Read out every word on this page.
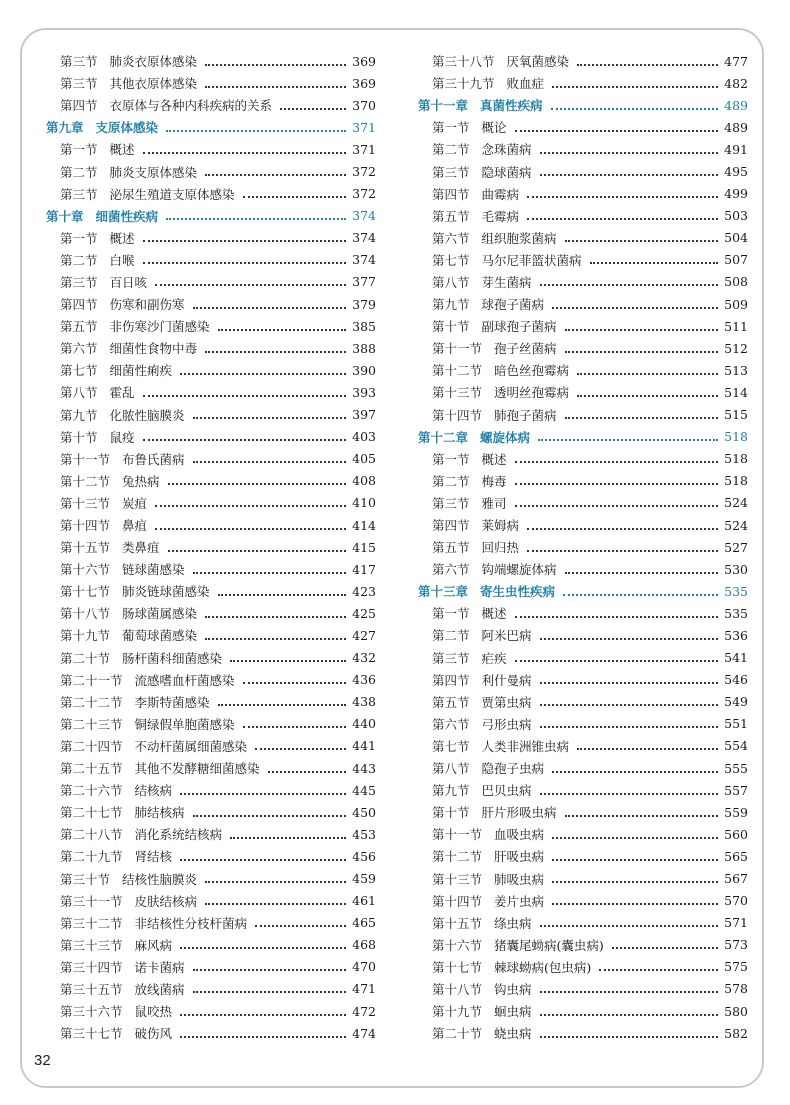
第三节 肺炎衣原体感染	369
第三节 其他衣原体感染	369
第四节 衣原体与各种内科疾病的关系	370
第九章 支原体感染	371
第一节 概述	371
第二节 肺炎支原体感染	372
第三节 泌尿生殖道支原体感染	372
第十章 细菌性疾病	374
第一节 概述	374
第二节 白喉	374
第三节 百日咳	377
第四节 伤寒和副伤寒	379
第五节 非伤寒沙门菌感染	385
第六节 细菌性食物中毒	388
第七节 细菌性痢疾	390
第八节 霍乱	393
第九节 化脓性脑膜炎	397
第十节 鼠疫	403
第十一节 布鲁氏菌病	405
第十二节 兔热病	408
第十三节 炭疽	410
第十四节 鼻疽	414
第十五节 类鼻疽	415
第十六节 链球菌感染	417
第十七节 肺炎链球菌感染	423
第十八节 肠球菌属感染	425
第十九节 葡萄球菌感染	427
第二十节 肠杆菌科细菌感染	432
第二十一节 流感嗜血杆菌感染	436
第二十二节 李斯特菌感染	438
第二十三节 铜绿假单胞菌感染	440
第二十四节 不动杆菌属细菌感染	441
第二十五节 其他不发酵糖细菌感染	443
第二十六节 结核病	445
第二十七节 肺结核病	450
第二十八节 消化系统结核病	453
第二十九节 肾结核	456
第三十节 结核性脑膜炎	459
第三十一节 皮肤结核病	461
第三十二节 非结核性分枝杆菌病	465
第三十三节 麻风病	468
第三十四节 诺卡菌病	470
第三十五节 放线菌病	471
第三十六节 鼠咬热	472
第三十七节 破伤风	474
第三十八节 厌氧菌感染	477
第三十九节 败血症	482
第十一章 真菌性疾病	489
第一节 概论	489
第二节 念珠菌病	491
第三节 隐球菌病	495
第四节 曲霉病	499
第五节 毛霉病	503
第六节 组织胞浆菌病	504
第七节 马尔尼菲篮状菌病	507
第八节 芽生菌病	508
第九节 球孢子菌病	509
第十节 副球孢子菌病	511
第十一节 孢子丝菌病	512
第十二节 暗色丝孢霉病	513
第十三节 透明丝孢霉病	514
第十四节 肺孢子菌病	515
第十二章 螺旋体病	518
第一节 概述	518
第二节 梅毒	518
第三节 雅司	524
第四节 莱姆病	524
第五节 回归热	527
第六节 钩端螺旋体病	530
第十三章 寄生虫性疾病	535
第一节 概述	535
第二节 阿米巴病	536
第三节 疟疾	541
第四节 利什曼病	546
第五节 贾第虫病	549
第六节 弓形虫病	551
第七节 人类非洲锥虫病	554
第八节 隐孢子虫病	555
第九节 巴贝虫病	557
第十节 肝片形吸虫病	559
第十一节 血吸虫病	560
第十二节 肝吸虫病	565
第十三节 肺吸虫病	567
第十四节 姜片虫病	570
第十五节 绦虫病	571
第十六节 猪囊尾蚴病(囊虫病)	573
第十七节 棘球蚴病(包虫病)	575
第十八节 钩虫病	578
第十九节 蛔虫病	580
第二十节 蛲虫病	582
32
